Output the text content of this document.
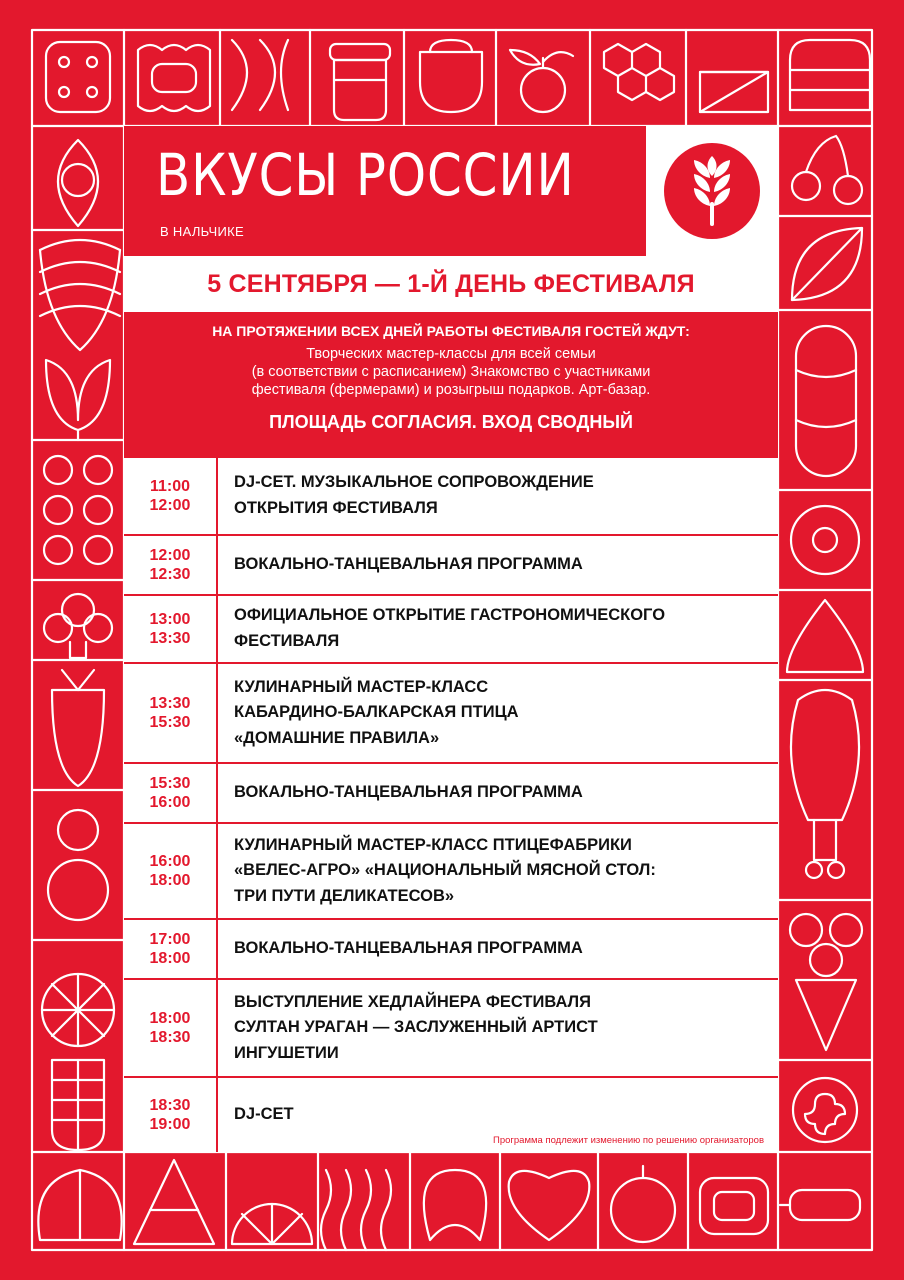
ВКУСЫ РОССИИ
В НАЛЬЧИКЕ
5 СЕНТЯБРЯ — 1-Й ДЕНЬ ФЕСТИВАЛЯ
НА ПРОТЯЖЕНИИ ВСЕХ ДНЕЙ РАБОТЫ ФЕСТИВАЛЯ ГОСТЕЙ ЖДУТ:
Творческих мастер-классы для всей семьи
(в соответствии с расписанием) Знакомство с участниками
фестиваля (фермерами) и розыгрыш подарков. Арт-базар.
ПЛОЩАДЬ СОГЛАСИЯ. ВХОД СВОДНЫЙ
11:00
12:00
DJ-СЕТ. МУЗЫКАЛЬНОЕ СОПРОВОЖДЕНИЕ
ОТКРЫТИЯ ФЕСТИВАЛЯ
12:00
12:30
ВОКАЛЬНО-ТАНЦЕВАЛЬНАЯ ПРОГРАММА
13:00
13:30
ОФИЦИАЛЬНОЕ ОТКРЫТИЕ ГАСТРОНОМИЧЕСКОГО
ФЕСТИВАЛЯ
13:30
15:30
КУЛИНАРНЫЙ МАСТЕР-КЛАСС
КАБАРДИНО-БАЛКАРСКАЯ ПТИЦА
«ДОМАШНИЕ ПРАВИЛА»
15:30
16:00
ВОКАЛЬНО-ТАНЦЕВАЛЬНАЯ ПРОГРАММА
16:00
18:00
КУЛИНАРНЫЙ МАСТЕР-КЛАСС ПТИЦЕФАБРИКИ
«ВЕЛЕС-АГРО» «НАЦИОНАЛЬНЫЙ МЯСНОЙ СТОЛ:
ТРИ ПУТИ ДЕЛИКАТЕСОВ»
17:00
18:00
ВОКАЛЬНО-ТАНЦЕВАЛЬНАЯ ПРОГРАММА
18:00
18:30
ВЫСТУПЛЕНИЕ ХЕДЛАЙНЕРА ФЕСТИВАЛЯ
СУЛТАН УРАГАН — ЗАСЛУЖЕННЫЙ АРТИСТ
ИНГУШЕТИИ
18:30
19:00
DJ-СЕТ
Программа подлежит изменению по решению организаторов
